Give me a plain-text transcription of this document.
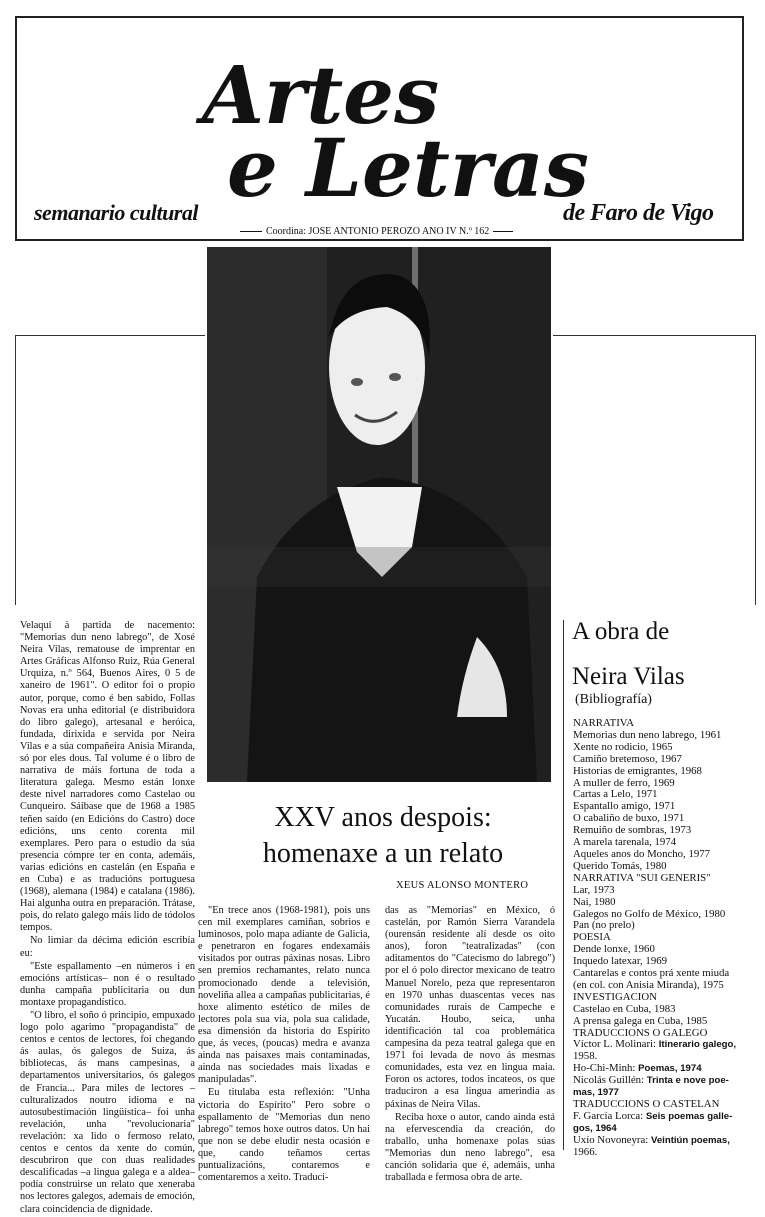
Artes
e Letras
semanario cultural	de Faro de Vigo
Coordina: JOSE ANTONIO PEROZO ANO IV N.º 162
XXV anos despois:
homenaxe a un relato
XEUS ALONSO MONTERO

Velaquí à partida de nacemento: "Memorias dun neno labrego", de Xosé Neira Vilas, rematouse de imprentar en Artes Gráficas Alfonso Ruiz, Rúa General Urquiza, n.º 564, Buenos Aires, 0 5 de xaneiro de 1961". O editor foi o propio autor, porque, como é ben sabido, Follas Novas era unha editorial (e distribuidora do libro galego), artesanal e heróica, fundada, dirixida e servida por Neira Vilas e a súa compañeira Anisia Miranda, só por eles dous. Tal volume é o libro de narrativa de máis fortuna de toda a literatura galega. Mesmo están lonxe deste nivel narradores como Castelao ou Cunqueiro. Sáibase que de 1968 a 1985 teñen saído (en Edicións do Castro) doce edicións, uns cento corenta mil exemplares. Pero para o estudio da súa presencia cómpre ter en conta, ademáis, varias edicións en castelán (en España e en Cuba) e as traducións portuguesa (1968), alemana (1984) e catalana (1986). Hai algunha outra en preparación. Trátase, pois, do relato galego máis lido de tódolos tempos.

No limiar da décima edición escribía eu:

"Este espallamento –en números i en emocións artísticas– non é o resultado dunha campaña publicitaria ou dun montaxe propagandístico.

"O libro, el soño ó principio, empuxado logo polo agarimo "propagandista" de centos e centos de lectores, foi chegando ás aulas, ós galegos de Suiza, ás bibliotecas, ás mans campesinas, a departamentos universitarios, ós galegos de Francia... Para miles de lectores –culturalizados noutro idioma e na autosubestimación lingüística– foi unha revelación, unha "revolucionaria" revelación: xa lido o fermoso relato, centos e centos da xente do común, descubriron que con duas realidades descalificadas –a lingua galega e a aldea– podía construirse un relato que xeneraba nos lectores galegos, ademais de emoción, clara coincidencia de dignidade.

"En trece anos (1968-1981), pois uns cen mil exemplares camiñan, sobrios e luminosos, polo mapa adiante de Galicia, e penetraron en fogares endexamáis visitados por outras páxinas nosas. Libro sen premios rechamantes, relato nunca promocionado dende a televisión, noveliña allea a campañas publicitarias, é hoxe alimento estético de miles de lectores pola sua via, pola sua calidade, esa dimensión da historia do Espírito que, ás veces, (poucas) medra e avanza ainda nas paisaxes mais contaminadas, ainda nas sociedades mais lixadas e manipuladas".

Eu titulaba esta reflexión: "Unha victoria do Espírito" Pero sobre o espallamento de "Memorias dun neno labrego" temos hoxe outros datos. Un hai que non se debe eludir nesta ocasión e que, cando teñamos certas puntualizacións, contaremos e comentaremos a xeito. Traduci-

das as "Memorias" en México, ó castelán, por Ramón Sierra Varandela (ourensán residente alí desde os oito anos), foron "teatralizadas" (con aditamentos do "Catecismo do labrego") por el ó polo director mexicano de teatro Manuel Norelo, peza que representaron en 1970 unhas duascentas veces nas comunidades rurais de Campeche e Yucatán. Houbo, seica, unha identificación tal coa problemática campesina da peza teatral galega que en 1971 foi levada de novo ás mesmas comunidades, esta vez en lingua maia. Foron os actores, todos incateos, os que traduciron a esa lingua amerindia as páxinas de Neira Vilas.

Reciba hoxe o autor, cando ainda está na efervescendia da creación, do traballo, unha homenaxe polas súas "Memorias dun neno labrego", esa canción solidaria que é, ademáis, unha traballada e fermosa obra de arte.

A obra de
Neira Vilas
(Bibliografía)
NARRATIVA
Memorias dun neno labrego, 1961
Xente no rodicio, 1965
Camiño bretemoso, 1967
Historias de emigrantes, 1968
A muller de ferro, 1969
Cartas a Lelo, 1971
Espantallo amigo, 1971
O cabaliño de buxo, 1971
Remuiño de sombras, 1973
A marela tarenala, 1974
Aqueles anos do Moncho, 1977
Querido Tomás, 1980
NARRATIVA "SUI GENERIS"
Lar, 1973
Nai, 1980
Galegos no Golfo de México, 1980
Pan (no prelo)
POESIA
Dende lonxe, 1960
Inquedo latexar, 1969
Cantarelas e contos prá xente miuda
(en col. con Anisia Miranda), 1975
INVESTIGACION
Castelao en Cuba, 1983
A prensa galega en Cuba, 1985
TRADUCCIONS O GALEGO
Víctor L. Molinari: Itinerario galego,
1958.
Ho-Chi-Minh: Poemas, 1974
Nicolás Guillén: Trinta e nove poe-
mas, 1977
TRADUCCIONS O CASTELAN
F. García Lorca: Seis poemas galle-
gos, 1964
Uxío Novoneyra: Veintiún poemas,
1966.
